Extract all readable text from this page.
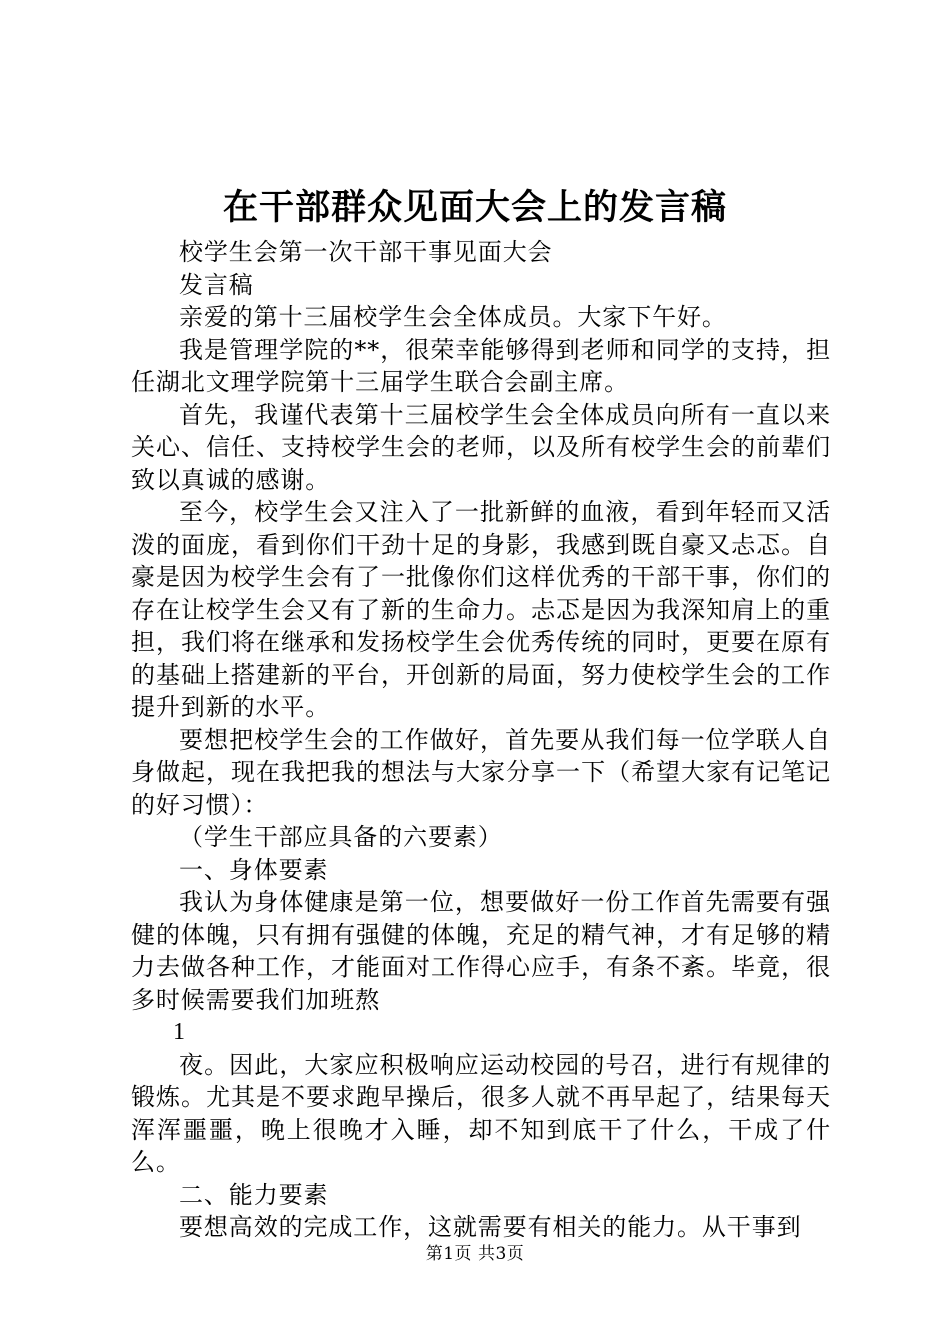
在干部群众见面大会上的发言稿

校学生会第一次干部干事见面大会

发言稿

亲爱的第十三届校学生会全体成员。大家下午好。

我是管理学院的**，很荣幸能够得到老师和同学的支持，担任湖北文理学院第十三届学生联合会副主席。

首先，我谨代表第十三届校学生会全体成员向所有一直以来关心、信任、支持校学生会的老师，以及所有校学生会的前辈们致以真诚的感谢。

至今，校学生会又注入了一批新鲜的血液，看到年轻而又活泼的面庞，看到你们干劲十足的身影，我感到既自豪又忐忑。自豪是因为校学生会有了一批像你们这样优秀的干部干事，你们的存在让校学生会又有了新的生命力。忐忑是因为我深知肩上的重担，我们将在继承和发扬校学生会优秀传统的同时，更要在原有的基础上搭建新的平台，开创新的局面，努力使校学生会的工作提升到新的水平。

要想把校学生会的工作做好，首先要从我们每一位学联人自身做起，现在我把我的想法与大家分享一下（希望大家有记笔记的好习惯）：

（学生干部应具备的六要素）

一、身体要素

我认为身体健康是第一位，想要做好一份工作首先需要有强健的体魄，只有拥有强健的体魄，充足的精气神，才有足够的精力去做各种工作，才能面对工作得心应手，有条不紊。毕竟，很多时候需要我们加班熬

1

夜。因此，大家应积极响应运动校园的号召，进行有规律的锻炼。尤其是不要求跑早操后，很多人就不再早起了，结果每天浑浑噩噩，晚上很晚才入睡，却不知到底干了什么，干成了什么。

二、能力要素

要想高效的完成工作，这就需要有相关的能力。从干事到

第1页 共3页
